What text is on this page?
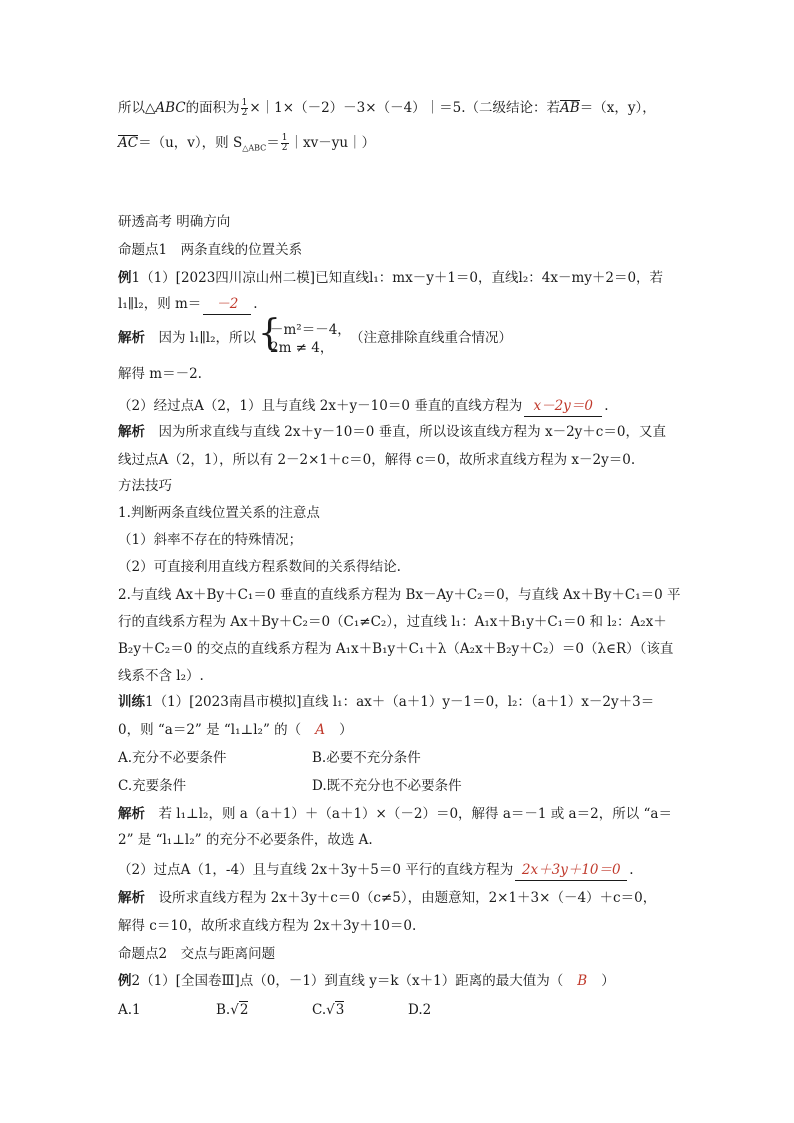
所以△ABC的面积为 $\frac{1}{2}$ ×｜1×（－2）－3×（－4）｜＝5.（二级结论：若AB＝（x，y），
AC＝（u，v），则 $S_{\triangle ABC}= \frac{1}{2}$ ｜xv－yu｜）
研透高考 明确方向
命题点1　两条直线的位置关系
例1（1）[2023四川凉山州二模]已知直线l₁：mx－y＋1＝0，直线l₂：4x－my＋2＝0，若
l₁∥l₂，则 m＝ －2 .
解析　因为 l₁∥l₂，所以 {
－m²＝－4，
2m ≠ 4，
（注意排除直线重合情况）
解得 m＝－2.
（2）经过点A（2，1）且与直线 2x＋y－10＝0 垂直的直线方程为 x－2y＝0 .
解析　因为所求直线与直线 2x＋y－10＝0 垂直，所以设该直线方程为 x－2y＋c＝0，又直
线过点A（2，1），所以有 2－2×1＋c＝0，解得 c＝0，故所求直线方程为 x－2y＝0.
方法技巧
1.判断两条直线位置关系的注意点
（1）斜率不存在的特殊情况；
（2）可直接利用直线方程系数间的关系得结论.
2.与直线 Ax＋By＋C₁＝0 垂直的直线系方程为 Bx－Ay＋C₂＝0，与直线 Ax＋By＋C₁＝0 平
行的直线系方程为 Ax＋By＋C₂＝0（C₁≠C₂），过直线 l₁：A₁x＋B₁y＋C₁＝0 和 l₂：A₂x＋
B₂y＋C₂＝0 的交点的直线系方程为 A₁x＋B₁y＋C₁＋λ（A₂x＋B₂y＋C₂）＝0（λ∈R）（该直
线系不含 l₂）.
训练1（1）[2023南昌市模拟]直线 l₁：ax＋（a＋1）y－1＝0，l₂：（a＋1）x－2y＋3＝
0，则 “a＝2” 是 “l₁⊥l₂” 的（ A ）
A.充分不必要条件	B.必要不充分条件
C.充要条件	D.既不充分也不必要条件
解析　若 l₁⊥l₂，则 a（a＋1）＋（a＋1）×（－2）＝0，解得 a＝－1 或 a＝2，所以 “a＝
2” 是 “l₁⊥l₂” 的充分不必要条件，故选 A.
（2）过点A（1，-4）且与直线 2x＋3y＋5＝0 平行的直线方程为 2x＋3y＋10＝0 .
解析　设所求直线方程为 2x＋3y＋c＝0（c≠5），由题意知，2×1＋3×（－4）＋c＝0，
解得 c＝10，故所求直线方程为 2x＋3y＋10＝0.
命题点2　交点与距离问题
例2（1）[全国卷Ⅲ]点（0，－1）到直线 y＝k（x＋1）距离的最大值为（ B ）
A.1	B.√2	C.√3	D.2
